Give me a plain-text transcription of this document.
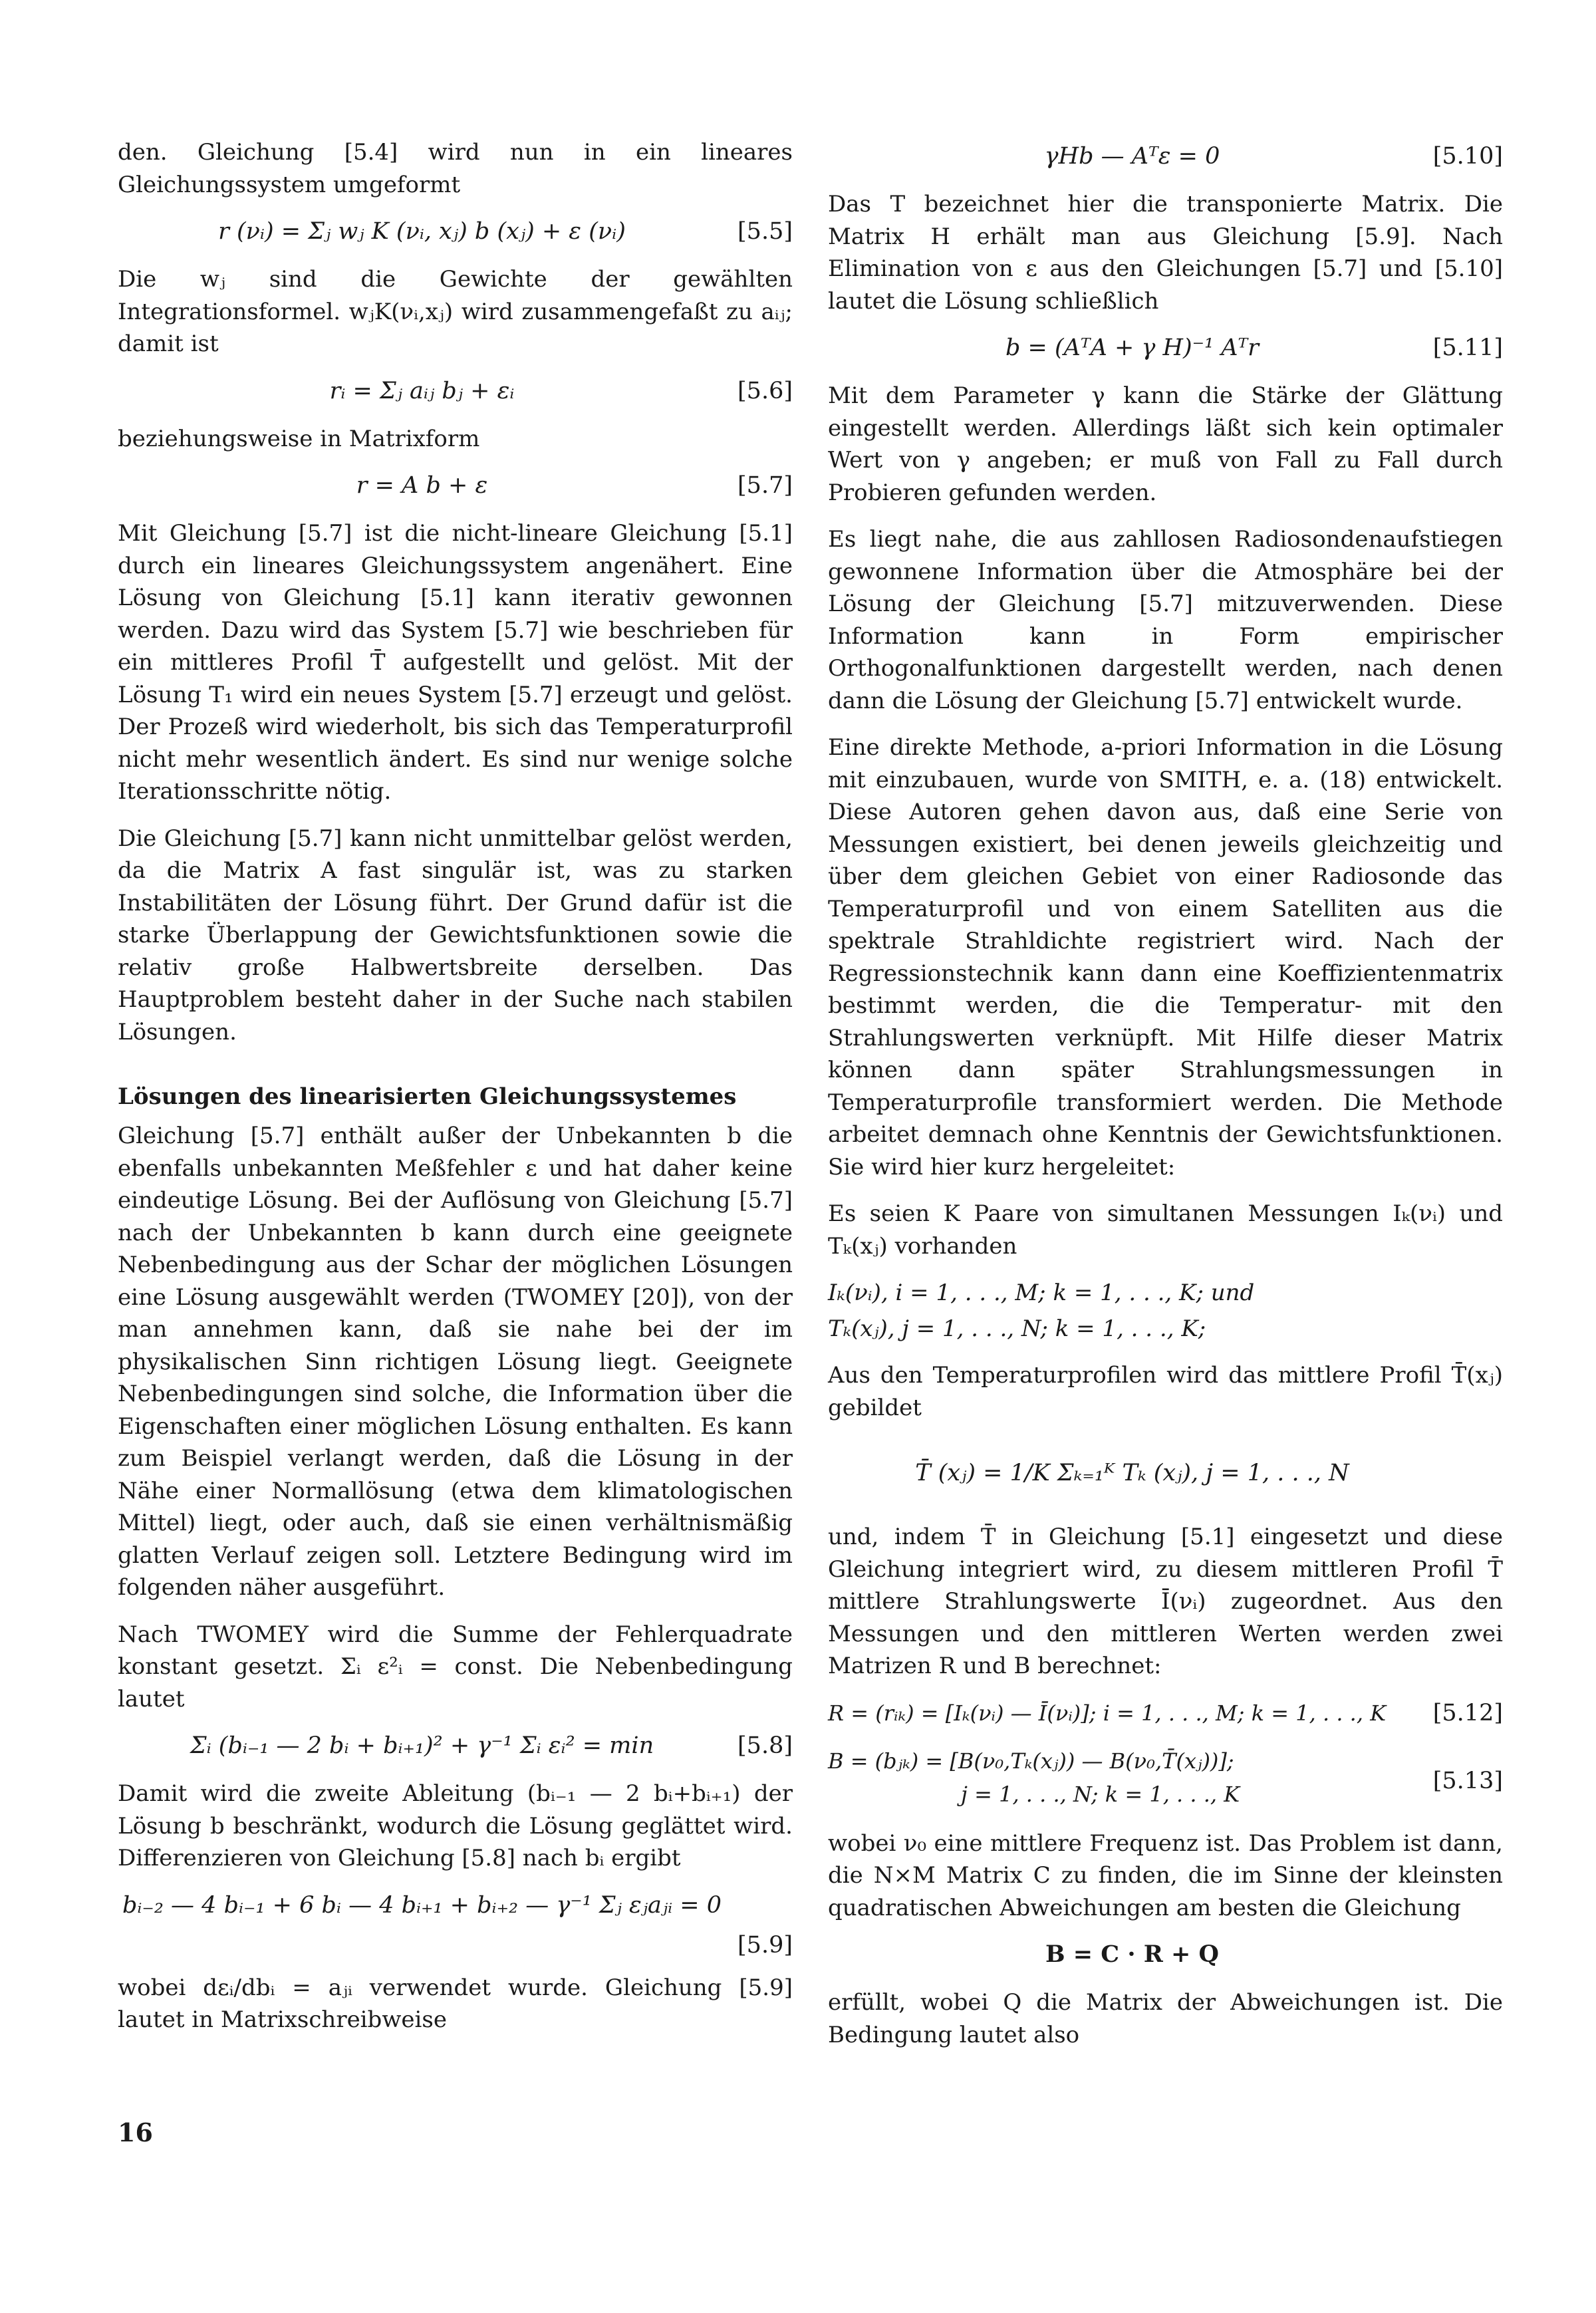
den. Gleichung [5.4] wird nun in ein lineares Gleichungssystem umgeformt

r (νᵢ) = Σⱼ wⱼ K (νᵢ, xⱼ) b (xⱼ) + ε (νᵢ)	[5.5]

Die wⱼ sind die Gewichte der gewählten Integrationsformel. wⱼK(νᵢ,xⱼ) wird zusammengefaßt zu aᵢⱼ; damit ist

rᵢ = Σⱼ aᵢⱼ bⱼ + εᵢ	[5.6]

beziehungsweise in Matrixform

r = A b + ε	[5.7]

Mit Gleichung [5.7] ist die nicht-lineare Gleichung [5.1] durch ein lineares Gleichungssystem angenähert. Eine Lösung von Gleichung [5.1] kann iterativ gewonnen werden. Dazu wird das System [5.7] wie beschrieben für ein mittleres Profil T̄ aufgestellt und gelöst. Mit der Lösung T₁ wird ein neues System [5.7] erzeugt und gelöst. Der Prozeß wird wiederholt, bis sich das Temperaturprofil nicht mehr wesentlich ändert. Es sind nur wenige solche Iterationsschritte nötig.

Die Gleichung [5.7] kann nicht unmittelbar gelöst werden, da die Matrix A fast singulär ist, was zu starken Instabilitäten der Lösung führt. Der Grund dafür ist die starke Überlappung der Gewichtsfunktionen sowie die relativ große Halbwertsbreite derselben. Das Hauptproblem besteht daher in der Suche nach stabilen Lösungen.

Lösungen des linearisierten Gleichungssystemes

Gleichung [5.7] enthält außer der Unbekannten b die ebenfalls unbekannten Meßfehler ε und hat daher keine eindeutige Lösung. Bei der Auflösung von Gleichung [5.7] nach der Unbekannten b kann durch eine geeignete Nebenbedingung aus der Schar der möglichen Lösungen eine Lösung ausgewählt werden (TWOMEY [20]), von der man annehmen kann, daß sie nahe bei der im physikalischen Sinn richtigen Lösung liegt. Geeignete Nebenbedingungen sind solche, die Information über die Eigenschaften einer möglichen Lösung enthalten. Es kann zum Beispiel verlangt werden, daß die Lösung in der Nähe einer Normallösung (etwa dem klimatologischen Mittel) liegt, oder auch, daß sie einen verhältnismäßig glatten Verlauf zeigen soll. Letztere Bedingung wird im folgenden näher ausgeführt.

Nach TWOMEY wird die Summe der Fehlerquadrate konstant gesetzt. Σᵢ ε²ᵢ = const. Die Nebenbedingung lautet

Σᵢ (bᵢ₋₁ — 2 bᵢ + bᵢ₊₁)² + γ⁻¹ Σᵢ εᵢ² = min	[5.8]

Damit wird die zweite Ableitung (bᵢ₋₁ — 2 bᵢ+bᵢ₊₁) der Lösung b beschränkt, wodurch die Lösung geglättet wird. Differenzieren von Gleichung [5.8] nach bᵢ ergibt

bᵢ₋₂ — 4 bᵢ₋₁ + 6 bᵢ — 4 bᵢ₊₁ + bᵢ₊₂ — γ⁻¹ Σⱼ εⱼaⱼᵢ = 0
[5.9]

wobei dεᵢ/dbᵢ = aⱼᵢ verwendet wurde. Gleichung [5.9] lautet in Matrixschreibweise

γHb — Aᵀε = 0	[5.10]

Das T bezeichnet hier die transponierte Matrix. Die Matrix H erhält man aus Gleichung [5.9]. Nach Elimination von ε aus den Gleichungen [5.7] und [5.10] lautet die Lösung schließlich

b = (AᵀA + γ H)⁻¹ Aᵀr	[5.11]

Mit dem Parameter γ kann die Stärke der Glättung eingestellt werden. Allerdings läßt sich kein optimaler Wert von γ angeben; er muß von Fall zu Fall durch Probieren gefunden werden.

Es liegt nahe, die aus zahllosen Radiosondenaufstiegen gewonnene Information über die Atmosphäre bei der Lösung der Gleichung [5.7] mitzuverwenden. Diese Information kann in Form empirischer Orthogonalfunktionen dargestellt werden, nach denen dann die Lösung der Gleichung [5.7] entwickelt wurde.

Eine direkte Methode, a-priori Information in die Lösung mit einzubauen, wurde von SMITH, e. a. (18) entwickelt. Diese Autoren gehen davon aus, daß eine Serie von Messungen existiert, bei denen jeweils gleichzeitig und über dem gleichen Gebiet von einer Radiosonde das Temperaturprofil und von einem Satelliten aus die spektrale Strahldichte registriert wird. Nach der Regressionstechnik kann dann eine Koeffizientenmatrix bestimmt werden, die die Temperatur- mit den Strahlungswerten verknüpft. Mit Hilfe dieser Matrix können dann später Strahlungsmessungen in Temperaturprofile transformiert werden. Die Methode arbeitet demnach ohne Kenntnis der Gewichtsfunktionen. Sie wird hier kurz hergeleitet:

Es seien K Paare von simultanen Messungen Iₖ(νᵢ) und Tₖ(xⱼ) vorhanden

Iₖ(νᵢ), i = 1, . . ., M; k = 1, . . ., K; und
Tₖ(xⱼ), j = 1, . . ., N; k = 1, . . ., K;

Aus den Temperaturprofilen wird das mittlere Profil T̄(xⱼ) gebildet

T̄ (xⱼ) = 1/K Σₖ₌₁ᴷ Tₖ (xⱼ), j = 1, . . ., N

und, indem T̄ in Gleichung [5.1] eingesetzt und diese Gleichung integriert wird, zu diesem mittleren Profil T̄ mittlere Strahlungswerte Ī(νᵢ) zugeordnet. Aus den Messungen und den mittleren Werten werden zwei Matrizen R und B berechnet:

R = (rᵢₖ) = [Iₖ(νᵢ) — Ī(νᵢ)]; i = 1, . . ., M; k = 1, . . ., K	[5.12]
B = (bⱼₖ) = [B(ν₀,Tₖ(xⱼ)) — B(ν₀,T̄(xⱼ))];
j = 1, . . ., N; k = 1, . . ., K	[5.13]

wobei ν₀ eine mittlere Frequenz ist. Das Problem ist dann, die N×M Matrix C zu finden, die im Sinne der kleinsten quadratischen Abweichungen am besten die Gleichung

B = C · R + Q

erfüllt, wobei Q die Matrix der Abweichungen ist. Die Bedingung lautet also

16
